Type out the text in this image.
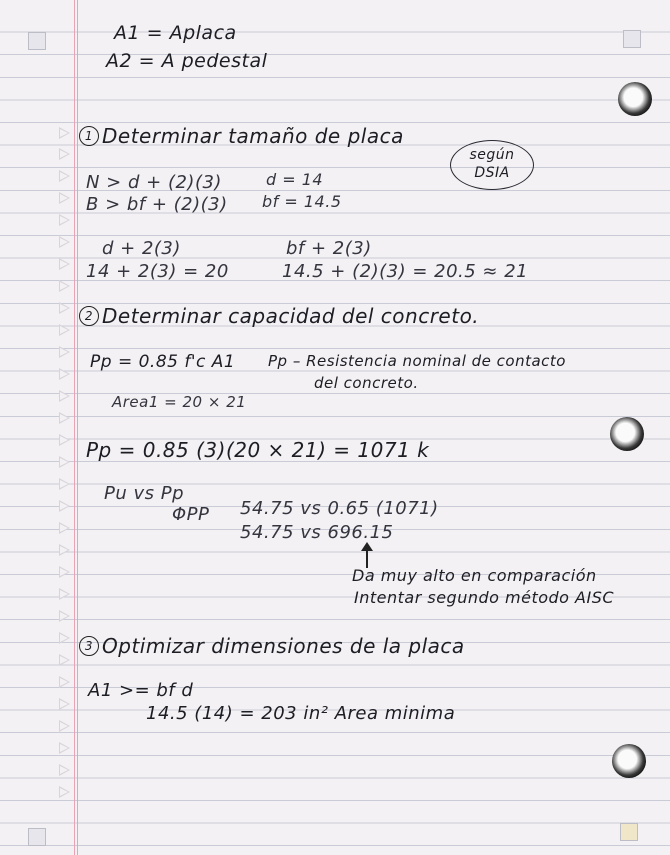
A1 = Aplaca
A2 = A pedestal
1 Determinar tamaño de placa
según DSIA
N > d + (2)(3)
B > bf + (2)(3)
d = 14
bf = 14.5
d + 2(3)
14 + 2(3) = 20
bf + 2(3)
14.5 + (2)(3) = 20.5 ≈ 21
2 Determinar capacidad del concreto.
Pp = 0.85 f'c A1 Pp – Resistencia nominal de contacto
del concreto.
Area1 = 20 × 21
Pp = 0.85 (3)(20 × 21) = 1071 k
Pu vs Pp
ΦPP 54.75 vs 0.65 (1071)
54.75 vs 696.15
Da muy alto en comparación
Intentar segundo método AISC
3 Optimizar dimensiones de la placa
A1 >= bf d
14.5 (14) = 203 in² Area minima
